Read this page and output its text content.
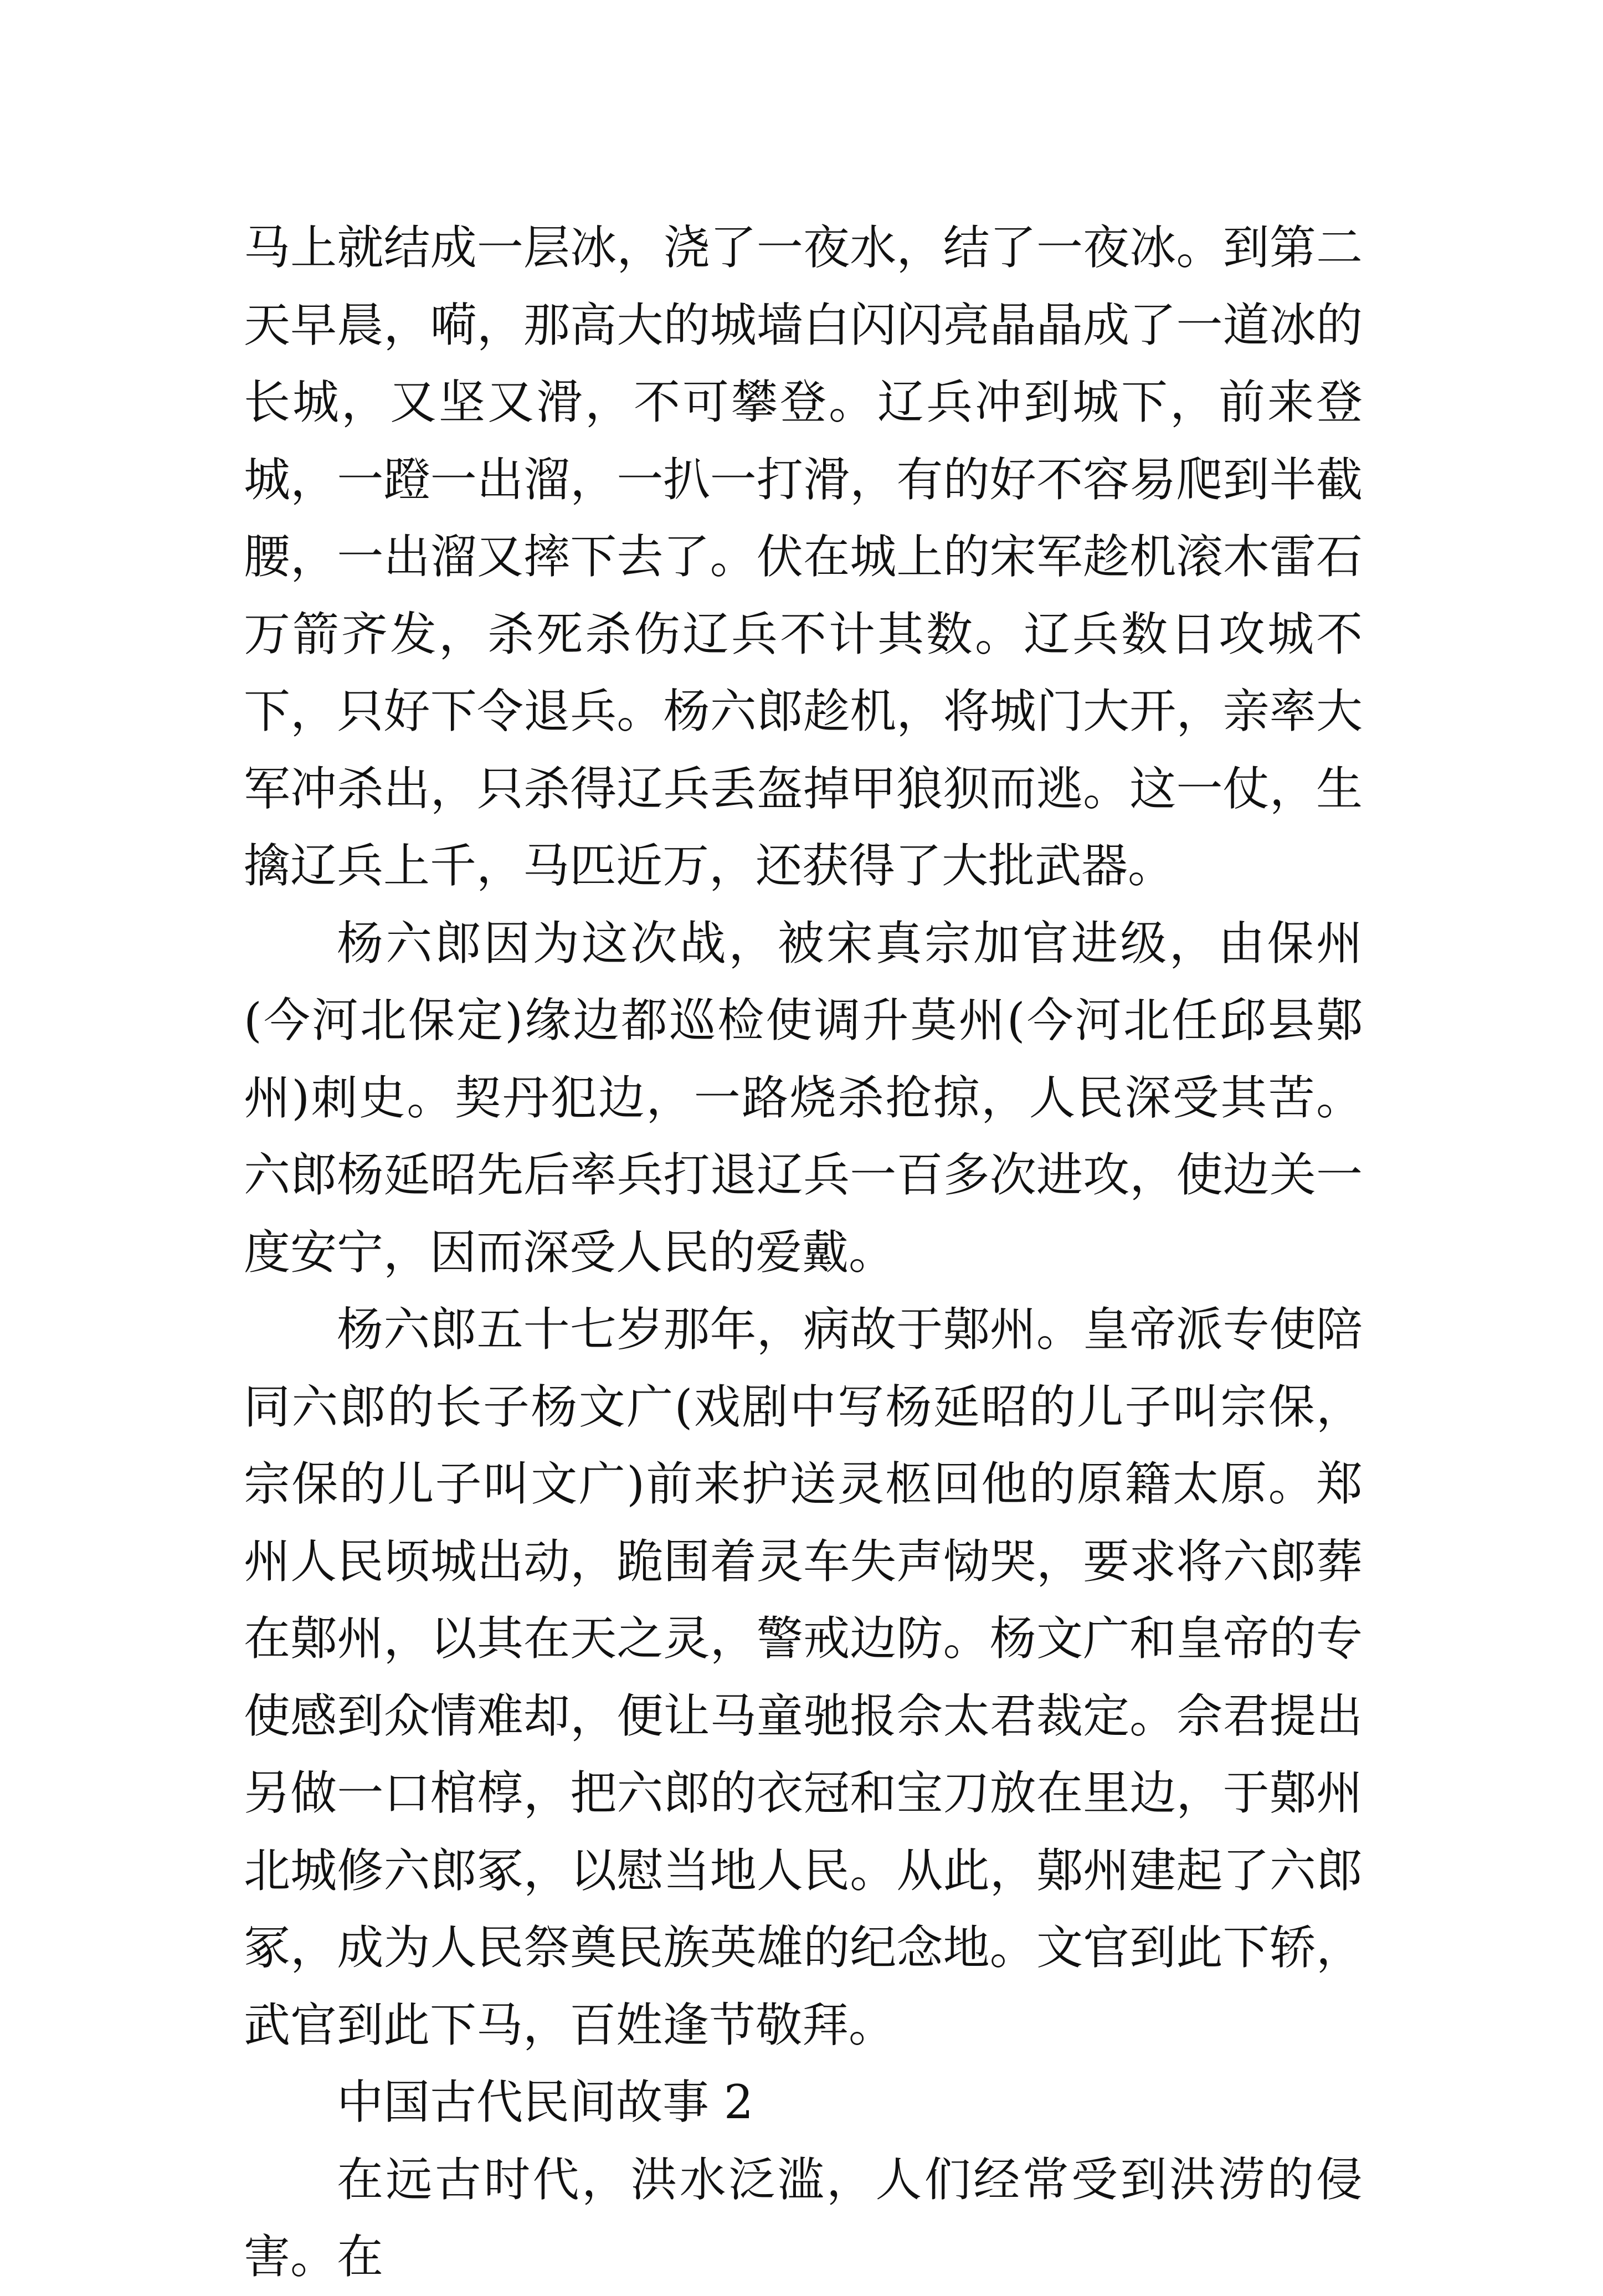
马上就结成一层冰，浇了一夜水，结了一夜冰。到第二天早晨，嗬，那高大的城墙白闪闪亮晶晶成了一道冰的长城，又坚又滑，不可攀登。辽兵冲到城下，前来登城，一蹬一出溜，一扒一打滑，有的好不容易爬到半截腰，一出溜又摔下去了。伏在城上的宋军趁机滚木雷石万箭齐发，杀死杀伤辽兵不计其数。辽兵数日攻城不下，只好下令退兵。杨六郎趁机，将城门大开，亲率大军冲杀出，只杀得辽兵丢盔掉甲狼狈而逃。这一仗，生擒辽兵上千，马匹近万，还获得了大批武器。

杨六郎因为这次战，被宋真宗加官进级，由保州(今河北保定)缘边都巡检使调升莫州(今河北任邱县鄚州)刺史。契丹犯边，一路烧杀抢掠，人民深受其苦。六郎杨延昭先后率兵打退辽兵一百多次进攻，使边关一度安宁，因而深受人民的爱戴。

杨六郎五十七岁那年，病故于鄚州。皇帝派专使陪同六郎的长子杨文广(戏剧中写杨延昭的儿子叫宗保，宗保的儿子叫文广)前来护送灵柩回他的原籍太原。郑州人民顷城出动，跪围着灵车失声恸哭，要求将六郎葬在鄚州，以其在天之灵，警戒边防。杨文广和皇帝的专使感到众情难却，便让马童驰报佘太君裁定。佘君提出另做一口棺椁，把六郎的衣冠和宝刀放在里边，于鄚州北城修六郎冢，以慰当地人民。从此，鄚州建起了六郎冢，成为人民祭奠民族英雄的纪念地。文官到此下轿，武官到此下马，百姓逢节敬拜。

中国古代民间故事 2

在远古时代，洪水泛滥，人们经常受到洪涝的侵害。在
